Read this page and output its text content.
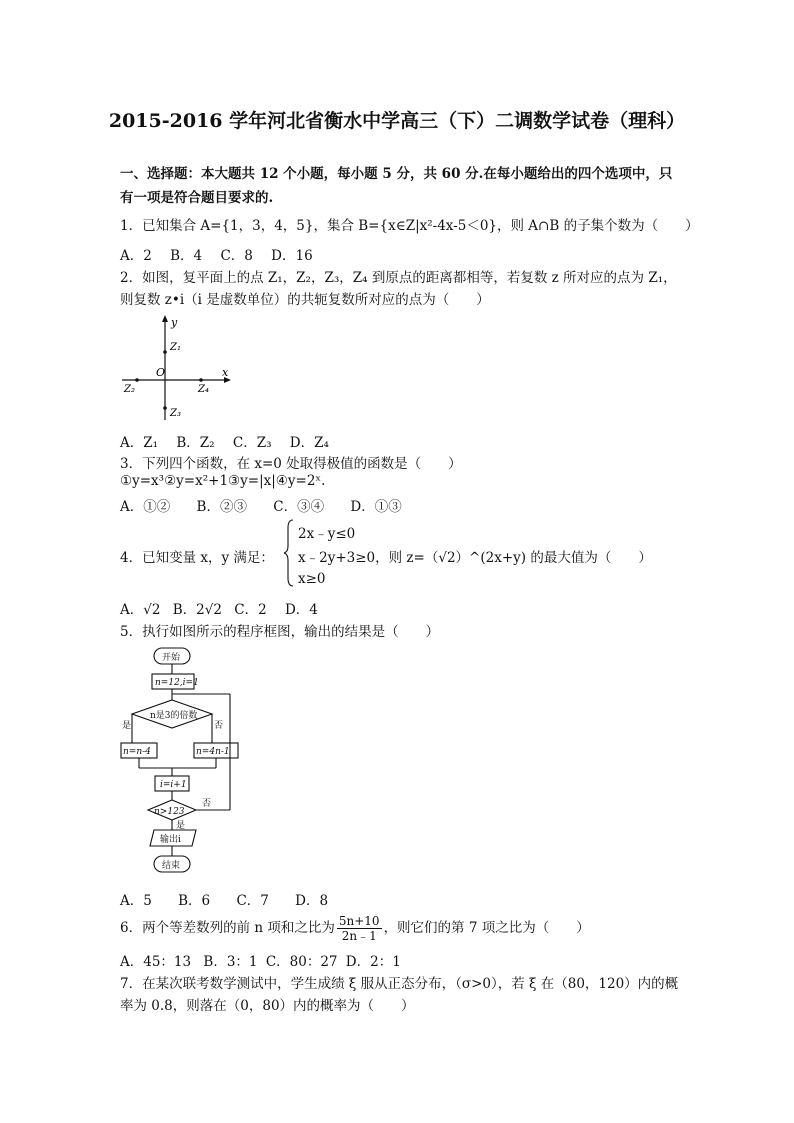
2015-2016 学年河北省衡水中学高三（下）二调数学试卷（理科）
一、选择题：本大题共 12 个小题，每小题 5 分，共 60 分.在每小题给出的四个选项中，只
有一项是符合题目要求的.
1．已知集合 A={1，3，4，5}，集合 B={x∈Z|x²-4x-5＜0}，则 A∩B 的子集个数为（　　）
A．2 B．4 C．8 D．16
2．如图，复平面上的点 Z₁，Z₂，Z₃，Z₄ 到原点的距离都相等，若复数 z 所对应的点为 Z₁，
则复数 z•i（i 是虚数单位）的共轭复数所对应的点为（　　）
y
x
O
Z₁
Z₂
Z₃
Z₄
A．Z₁ B．Z₂ C．Z₃ D．Z₄
3．下列四个函数，在 x=0 处取得极值的函数是（　　）
①y=x³②y=x²+1③y=|x|④y=2ˣ.
A．①② B．②③ C．③④ D．①③
4．已知变量 x，y 满足：
2x﹣y≤0
x﹣2y+3≥0，则 z=（√2）^(2x+y) 的最大值为（　　）
x≥0
A．√2 B．2√2 C．2 D．4
5．执行如图所示的程序框图，输出的结果是（　　）
开始
n=12,i=1
n是3的倍数
是	否
n=n-4	n=4n-1
i=i+1
n>123
否
是
输出i
结束
A．5 B．6 C．7 D．8
6．两个等差数列的前 n 项和之比为 $\frac{5n+10}{2n﹣1}$ ，则它们的第 7 项之比为（　　）
A．45：13 B．3：1 C．80：27 D．2：1
7．在某次联考数学测试中，学生成绩 ξ 服从正态分布，（σ>0），若 ξ 在（80，120）内的概
率为 0.8，则落在（0，80）内的概率为（　　）
